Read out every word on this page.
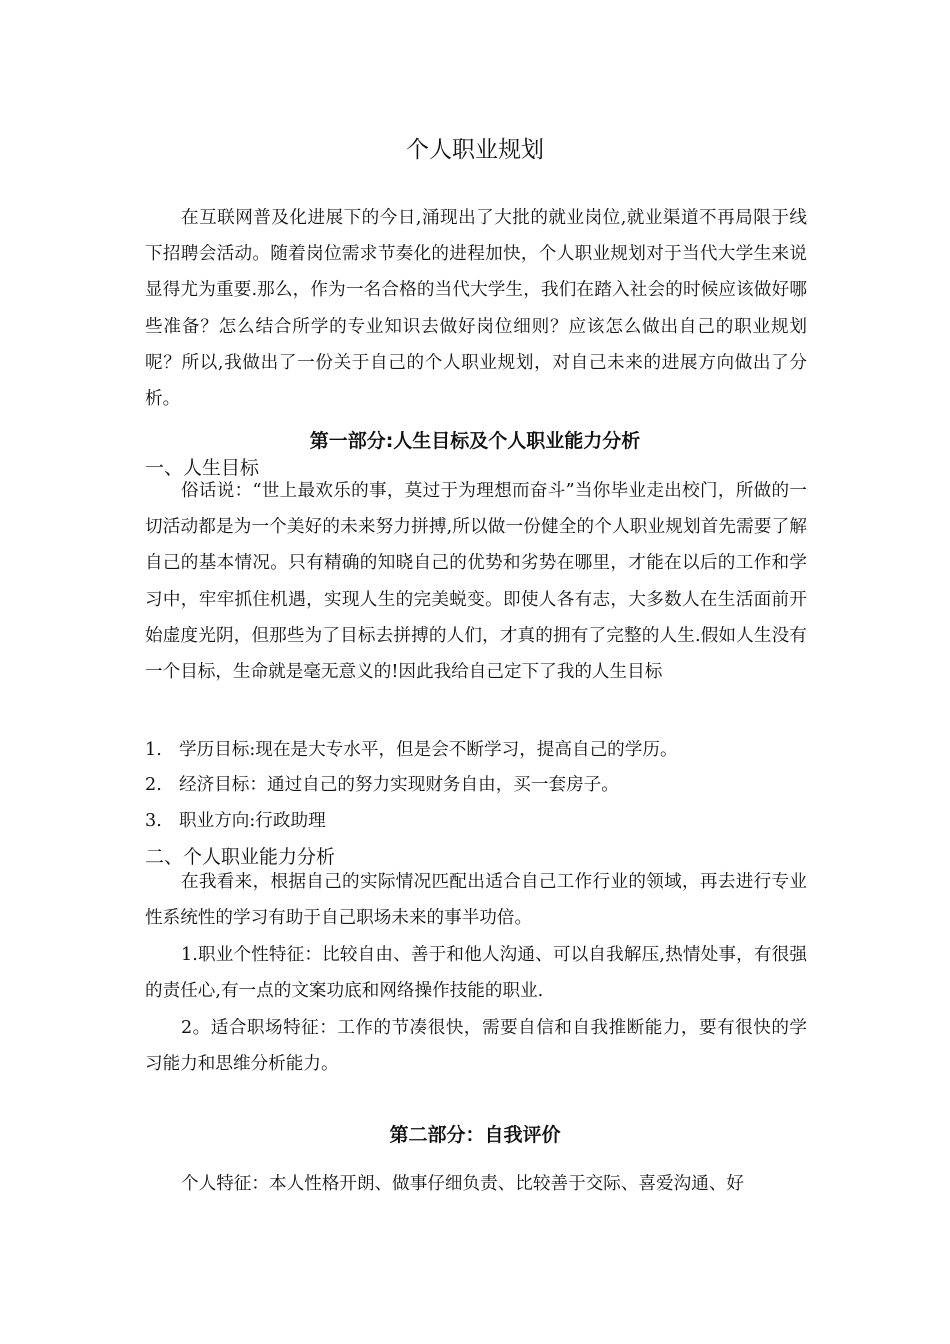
个人职业规划

在互联网普及化进展下的今日,涌现出了大批的就业岗位,就业渠道不再局限于线下招聘会活动。随着岗位需求节奏化的进程加快，个人职业规划对于当代大学生来说显得尤为重要.那么，作为一名合格的当代大学生，我们在踏入社会的时候应该做好哪些准备？怎么结合所学的专业知识去做好岗位细则？应该怎么做出自己的职业规划呢？所以,我做出了一份关于自己的个人职业规划，对自己未来的进展方向做出了分析。

第一部分:人生目标及个人职业能力分析
一、人生目标

俗话说：“世上最欢乐的事，莫过于为理想而奋斗”当你毕业走出校门，所做的一切活动都是为一个美好的未来努力拼搏,所以做一份健全的个人职业规划首先需要了解自己的基本情况。只有精确的知晓自己的优势和劣势在哪里，才能在以后的工作和学习中，牢牢抓住机遇，实现人生的完美蜕变。即使人各有志，大多数人在生活面前开始虚度光阴，但那些为了目标去拼搏的人们，才真的拥有了完整的人生.假如人生没有一个目标，生命就是毫无意义的!因此我给自己定下了我的人生目标

1. 学历目标:现在是大专水平，但是会不断学习，提高自己的学历。
2. 经济目标：通过自己的努力实现财务自由，买一套房子。
3. 职业方向:行政助理
二、个人职业能力分析

在我看来，根据自己的实际情况匹配出适合自己工作行业的领域，再去进行专业性系统性的学习有助于自己职场未来的事半功倍。

1.职业个性特征：比较自由、善于和他人沟通、可以自我解压,热情处事，有很强的责任心,有一点的文案功底和网络操作技能的职业.

2。适合职场特征：工作的节凑很快，需要自信和自我推断能力，要有很快的学习能力和思维分析能力。

第二部分：自我评价

个人特征：本人性格开朗、做事仔细负责、比较善于交际、喜爱沟通、好
